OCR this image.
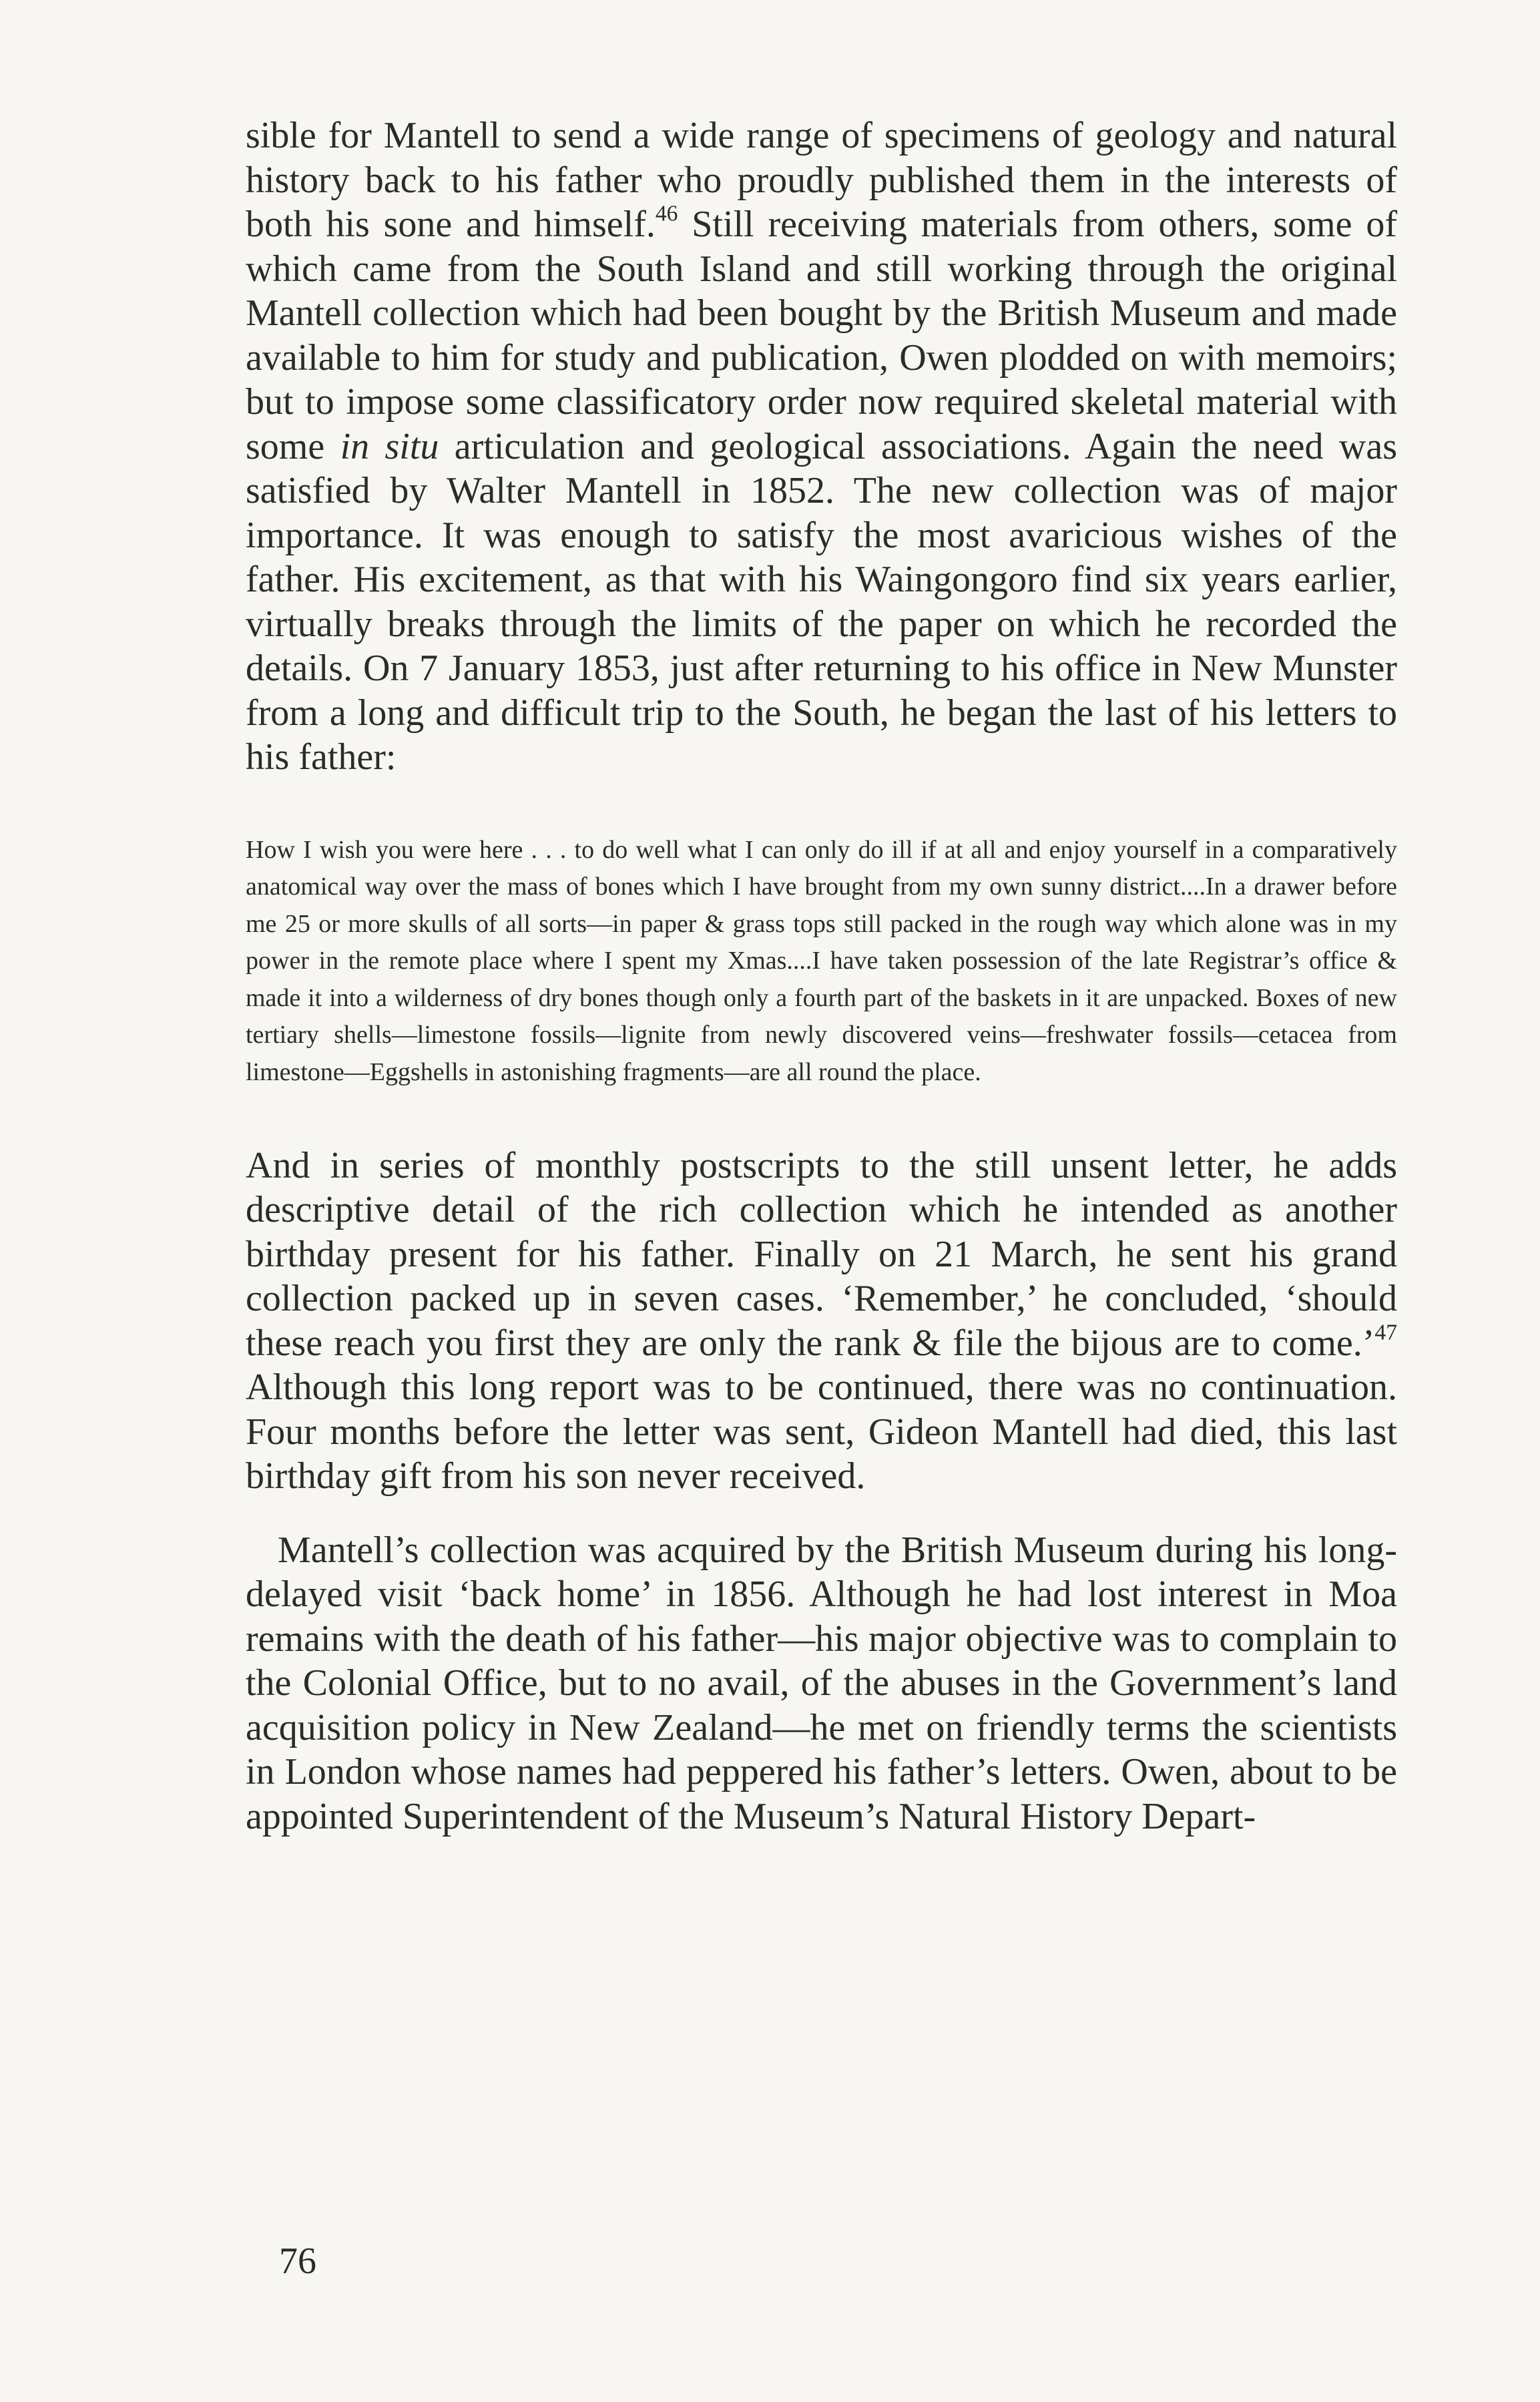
sible for Mantell to send a wide range of specimens of geology and natural history back to his father who proudly published them in the interests of both his sone and himself.$^{46}$ Still receiving materials from others, some of which came from the South Island and still working through the original Mantell collection which had been bought by the British Museum and made available to him for study and publication, Owen plodded on with memoirs; but to impose some classificatory order now required skeletal material with some in situ articulation and geological associations. Again the need was satisfied by Walter Mantell in 1852. The new collection was of major importance. It was enough to satisfy the most avaricious wishes of the father. His excitement, as that with his Waingongoro find six years earlier, virtually breaks through the limits of the paper on which he recorded the details. On 7 January 1853, just after returning to his office in New Munster from a long and difficult trip to the South, he began the last of his letters to his father:

How I wish you were here . . . to do well what I can only do ill if at all and enjoy yourself in a comparatively anatomical way over the mass of bones which I have brought from my own sunny district....In a drawer before me 25 or more skulls of all sorts—in paper & grass tops still packed in the rough way which alone was in my power in the remote place where I spent my Xmas....I have taken possession of the late Registrar’s office & made it into a wilderness of dry bones though only a fourth part of the baskets in it are unpacked. Boxes of new tertiary shells—limestone fossils—lignite from newly discovered veins—freshwater fossils—cetacea from limestone—Eggshells in astonishing fragments—are all round the place.

And in series of monthly postscripts to the still unsent letter, he adds descriptive detail of the rich collection which he intended as another birthday present for his father. Finally on 21 March, he sent his grand collection packed up in seven cases. ‘Remember,’ he concluded, ‘should these reach you first they are only the rank & file the bijous are to come.’$^{47}$ Although this long report was to be continued, there was no continuation. Four months before the letter was sent, Gideon Mantell had died, this last birthday gift from his son never received.

Mantell’s collection was acquired by the British Museum during his long-delayed visit ‘back home’ in 1856. Although he had lost interest in Moa remains with the death of his father—his major objective was to complain to the Colonial Office, but to no avail, of the abuses in the Government’s land acquisition policy in New Zealand—he met on friendly terms the scientists in London whose names had peppered his father’s letters. Owen, about to be appointed Superintendent of the Museum’s Natural History Depart-

76
